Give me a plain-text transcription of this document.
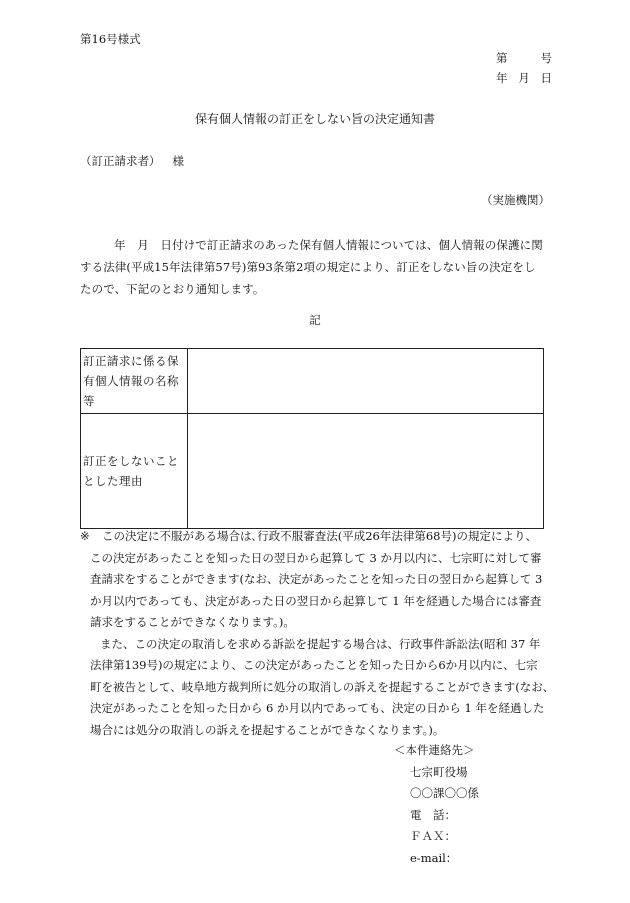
第16号様式
第	号
年 月 日
保有個人情報の訂正をしない旨の決定通知書
（訂正請求者） 様
（実施機関）
年　月　日付けで訂正請求のあった保有個人情報については、個人情報の保護に関
する法律(平成15年法律第57号)第93条第2項の規定により、訂正をしない旨の決定をし
たので、下記のとおり通知します。
記
訂正請求に係る保
有個人情報の名称
等	

訂正をしないこと
とした理由	

※	この決定に不服がある場合は､行政不服審査法(平成26年法律第68号)の規定により、
この決定があったことを知った日の翌日から起算して 3 か月以内に、七宗町に対して審
査請求をすることができます(なお、決定があったことを知った日の翌日から起算して 3
か月以内であっても、決定があった日の翌日から起算して 1 年を経過した場合には審査
請求をすることができなくなります。)。
また、この決定の取消しを求める訴訟を提起する場合は、行政事件訴訟法(昭和 37 年
法律第139号)の規定により、この決定があったことを知った日から6か月以内に、七宗
町を被告として、岐阜地方裁判所に処分の取消しの訴えを提起することができます(なお、
決定があったことを知った日から 6 か月以内であっても、決定の日から 1 年を経過した
場合には処分の取消しの訴えを提起することができなくなります。)。
＜本件連絡先＞
七宗町役場
〇〇課〇〇係
電　話：
ＦＡＸ：
e-mail：
